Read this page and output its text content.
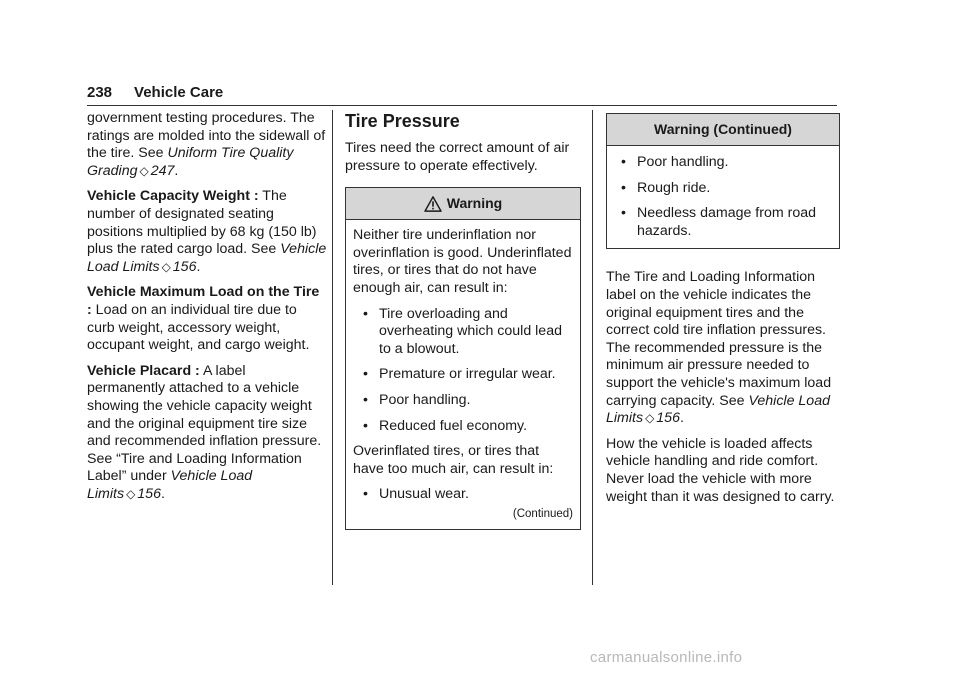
238 Vehicle Care

government testing procedures. The ratings are molded into the sidewall of the tire. See Uniform Tire Quality Grading ◇ 247.

Vehicle Capacity Weight : The number of designated seating positions multiplied by 68 kg (150 lb) plus the rated cargo load. See Vehicle Load Limits ◇ 156.

Vehicle Maximum Load on the Tire : Load on an individual tire due to curb weight, accessory weight, occupant weight, and cargo weight.

Vehicle Placard : A label permanently attached to a vehicle showing the vehicle capacity weight and the original equipment tire size and recommended inflation pressure. See “Tire and Loading Information Label” under Vehicle Load Limits ◇ 156.

Tire Pressure

Tires need the correct amount of air pressure to operate effectively.

Warning

Neither tire underinflation nor overinflation is good. Underinflated tires, or tires that do not have enough air, can result in:

• Tire overloading and overheating which could lead to a blowout.
• Premature or irregular wear.
• Poor handling.
• Reduced fuel economy.

Overinflated tires, or tires that have too much air, can result in:

• Unusual wear.
(Continued)
Warning (Continued)
• Poor handling.
• Rough ride.
• Needless damage from road hazards.

The Tire and Loading Information label on the vehicle indicates the original equipment tires and the correct cold tire inflation pressures. The recommended pressure is the minimum air pressure needed to support the vehicle's maximum load carrying capacity. See Vehicle Load Limits ◇ 156.

How the vehicle is loaded affects vehicle handling and ride comfort. Never load the vehicle with more weight than it was designed to carry.

carmanualsonline.info
